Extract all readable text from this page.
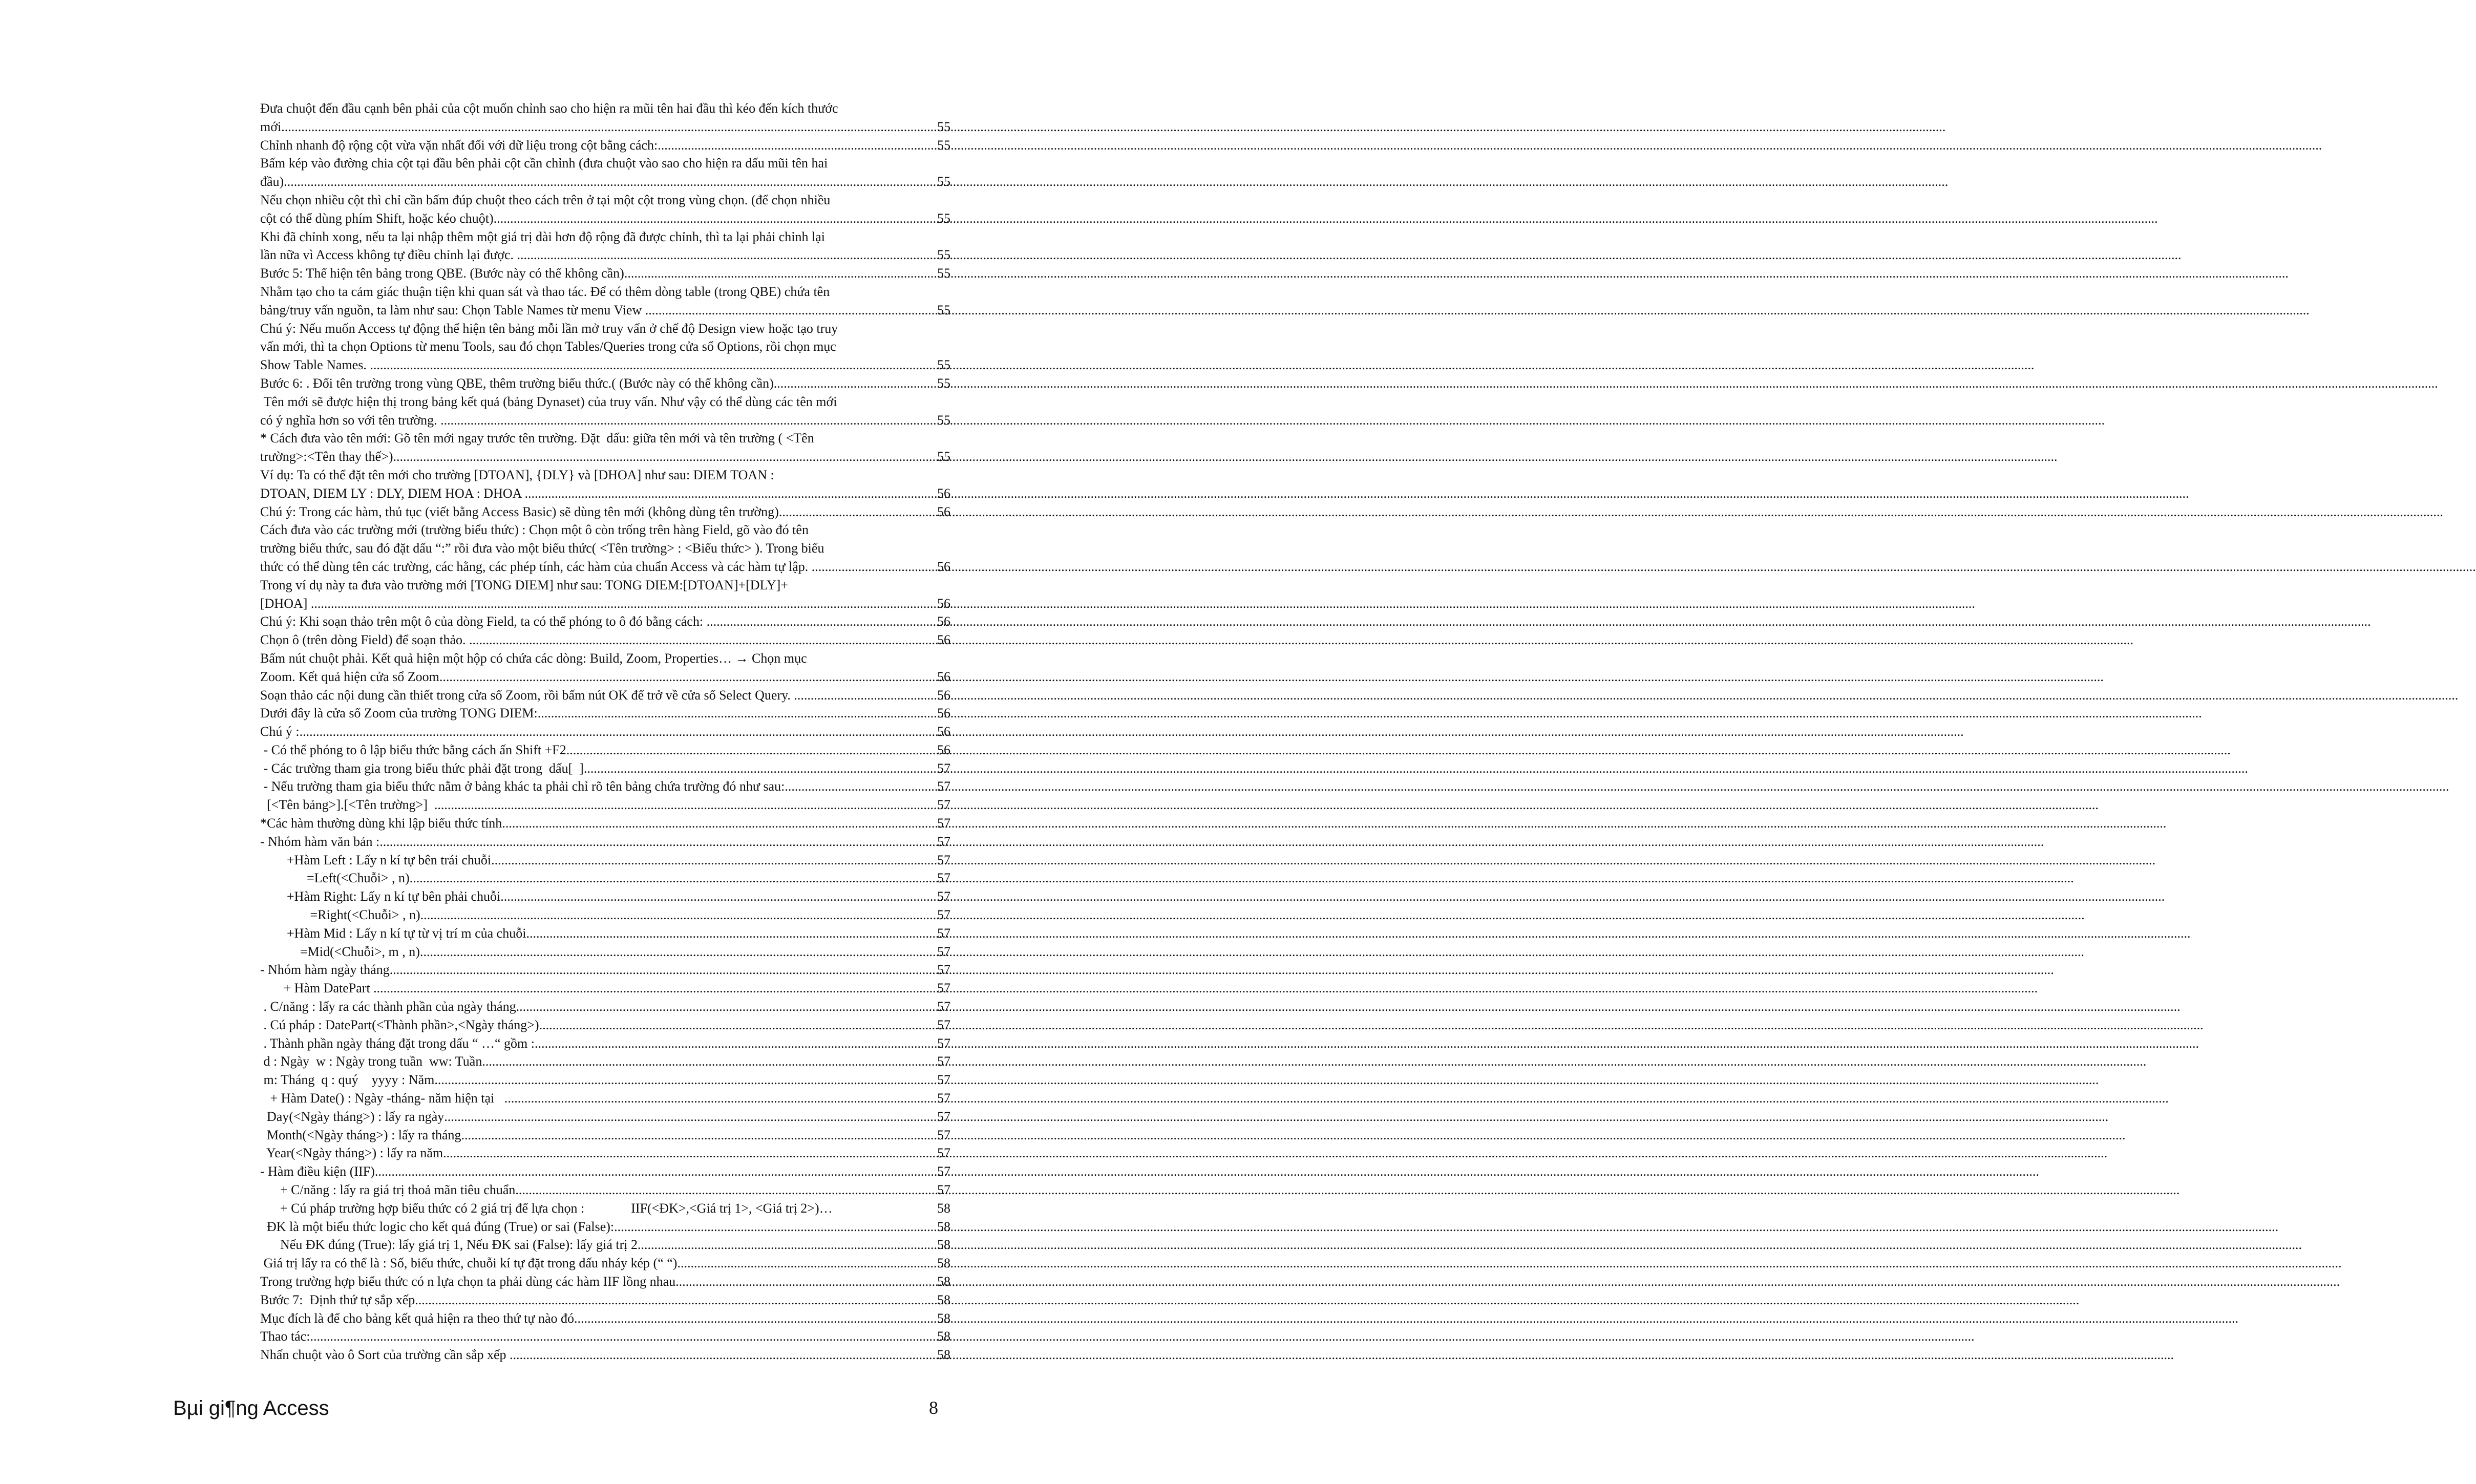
Đưa chuột đến đầu cạnh bên phải của cột muốn chỉnh sao cho hiện ra mũi tên hai đầu thì kéo đến kích thước
mới .....	55
Chỉnh nhanh độ rộng cột vừa vặn nhất đối với dữ liệu trong cột bằng cách: .....	55
Bấm kép vào đường chia cột tại đầu bên phải cột cần chỉnh (đưa chuột vào sao cho hiện ra dấu mũi tên hai
đầu) .....	55
Nếu chọn nhiều cột thì chỉ cần bấm đúp chuột theo cách trên ở tại một cột trong vùng chọn. (để chọn nhiều
cột có thể dùng phím Shift, hoặc kéo chuột) .....	55
Khi đã chỉnh xong, nếu ta lại nhập thêm một giá trị dài hơn độ rộng đã được chỉnh, thì ta lại phải chỉnh lại
lần nữa vì Access không tự điều chỉnh lại được. .....	55
Bước 5: Thể hiện tên bảng trong QBE. (Bước này có thể không cần) .....	55
Nhằm tạo cho ta cảm giác thuận tiện khi quan sát và thao tác. Để có thêm dòng table (trong QBE) chứa tên
bảng/truy vấn nguồn, ta làm như sau: Chọn Table Names từ menu View .....	55
Chú ý: Nếu muốn Access tự động thể hiện tên bảng mỗi lần mở truy vấn ở chế độ Design view hoặc tạo truy
vấn mới, thì ta chọn Options từ menu Tools, sau đó chọn Tables/Queries trong cửa sổ Options, rồi chọn mục
Show Table Names. .....	55
Bước 6: . Đổi tên trường trong vùng QBE, thêm trường biểu thức.( (Bước này có thể không cần) .....	55
Tên mới sẽ được hiện thị trong bảng kết quả (bảng Dynaset) của truy vấn. Như vậy có thể dùng các tên mới
có ý nghĩa hơn so với tên trường. .....	55
* Cách đưa vào tên mới: Gõ tên mới ngay trước tên trường. Đặt  dấu: giữa tên mới và tên trường ( <Tên
trường>:<Tên thay thế>) .....	55
Ví dụ: Ta có thể đặt tên mới cho trường [DTOAN], {DLY} và [DHOA] như sau: DIEM TOAN :
DTOAN, DIEM LY : DLY, DIEM HOA : DHOA .....	56
Chú ý: Trong các hàm, thủ tục (viết bằng Access Basic) sẽ dùng tên mới (không dùng tên trường) .....	56
Cách đưa vào các trường mới (trường biểu thức) : Chọn một ô còn trống trên hàng Field, gõ vào đó tên
trường biểu thức, sau đó đặt dấu “:” rồi đưa vào một biểu thức( <Tên trường> : <Biểu thức> ). Trong biểu
thức có thể dùng tên các trường, các hằng, các phép tính, các hàm của chuẩn Access và các hàm tự lập. .....	56
Trong ví dụ này ta đưa vào trường mới [TONG DIEM] như sau: TONG DIEM:[DTOAN]+[DLY]+
[DHOA] .....	56
Chú ý: Khi soạn thảo trên một ô của dòng Field, ta có thể phóng to ô đó bằng cách: .....	56
Chọn ô (trên dòng Field) để soạn thảo. .....	56
Bấm nút chuột phải. Kết quả hiện một hộp có chứa các dòng: Build, Zoom, Properties… → Chọn mục
Zoom. Kết quả hiện cửa sổ Zoom .....	56
Soạn thảo các nội dung cần thiết trong cửa sổ Zoom, rồi bấm nút OK để trở về cửa sổ Select Query. .....	56
Dưới đây là cửa sổ Zoom của trường TONG DIEM: .....	56
Chú ý : .....	56
- Có thể phóng to ô lập biểu thức bằng cách ấn Shift +F2 .....	56
- Các trường tham gia trong biểu thức phải đặt trong  dấu[  ] .....	57
- Nếu trường tham gia biểu thức nằm ở bảng khác ta phải chỉ rõ tên bảng chứa trường đó như sau: .....	57
[<Tên bảng>].[<Tên trường>] .....	57
*Các hàm thường dùng khi lập biểu thức tính .....	57
- Nhóm hàm văn bản : .....	57
+Hàm Left : Lấy n kí tự bên trái chuỗi .....	57
=Left(<Chuỗi> , n) .....	57
+Hàm Right: Lấy n kí tự bên phải chuỗi .....	57
=Right(<Chuỗi> , n) .....	57
+Hàm Mid : Lấy n kí tự từ vị trí m của chuỗi .....	57
=Mid(<Chuỗi>, m , n) .....	57
- Nhóm hàm ngày tháng .....	57
+ Hàm DatePart .....	57
. C/năng : lấy ra các thành phần của ngày tháng .....	57
. Cú pháp : DatePart(<Thành phần>,<Ngày tháng>) .....	57
. Thành phần ngày tháng đặt trong dấu “ …“ gồm : .....	57
d : Ngày  w : Ngày trong tuần  ww: Tuần .....	57
m: Tháng  q : quý    yyyy : Năm .....	57
+ Hàm Date() : Ngày -tháng- năm hiện tại .....	57
Day(<Ngày tháng>) : lấy ra ngày .....	57
Month(<Ngày tháng>) : lấy ra tháng .....	57
Year(<Ngày tháng>) : lấy ra năm .....	57
- Hàm điều kiện (IIF) .....	57
+ C/năng : lấy ra giá trị thoả mãn tiêu chuẩn .....	57
+ Cú pháp trường hợp biểu thức có 2 giá trị để lựa chọn :              IIF(<ĐK>,<Giá trị 1>, <Giá trị 2>)…	58
ĐK là một biểu thức logic cho kết quả đúng (True) or sai (False): .....	58
Nếu ĐK đúng (True): lấy giá trị 1, Nếu ĐK sai (False): lấy giá trị 2 .....	58
Giá trị lấy ra có thể là : Số, biểu thức, chuỗi kí tự đặt trong dấu nháy kép (“ “) .....	58
Trong trường hợp biểu thức có n lựa chọn ta phải dùng các hàm IIF lồng nhau .....	58
Bước 7:  Định thứ tự sắp xếp .....	58
Mục đích là để cho bảng kết quả hiện ra theo thứ tự nào đó .....	58
Thao tác: .....	58
Nhấn chuột vào ô Sort của trường cần sắp xếp .....	58
Bµi gi¶ng Access	8
